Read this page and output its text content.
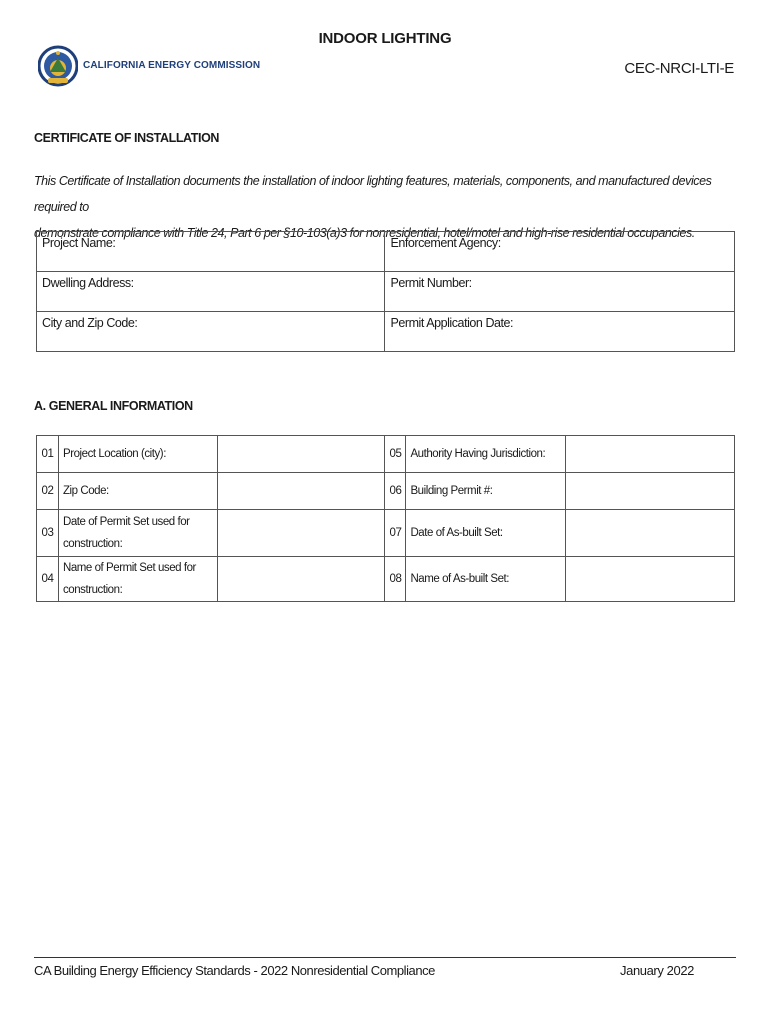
CALIFORNIA ENERGY COMMISSION
INDOOR LIGHTING
CEC-NRCI-LTI-E
CERTIFICATE OF INSTALLATION
This Certificate of Installation documents the installation of indoor lighting features, materials, components, and manufactured devices required to
demonstrate compliance with Title 24, Part 6 per §10-103(a)3 for nonresidential, hotel/motel and high-rise residential occupancies.
Project Name:	Enforcement Agency:
Dwelling Address:	Permit Number:
City and Zip Code:	Permit Application Date:
A. GENERAL INFORMATION
01	Project Location (city):		05	Authority Having Jurisdiction:	
02	Zip Code:		06	Building Permit #:	
03	Date of Permit Set used for construction:		07	Date of As-built Set:	
04	Name of Permit Set used for construction:		08	Name of As-built Set:	
CA Building Energy Efficiency Standards - 2022 Nonresidential Compliance	January 2022
